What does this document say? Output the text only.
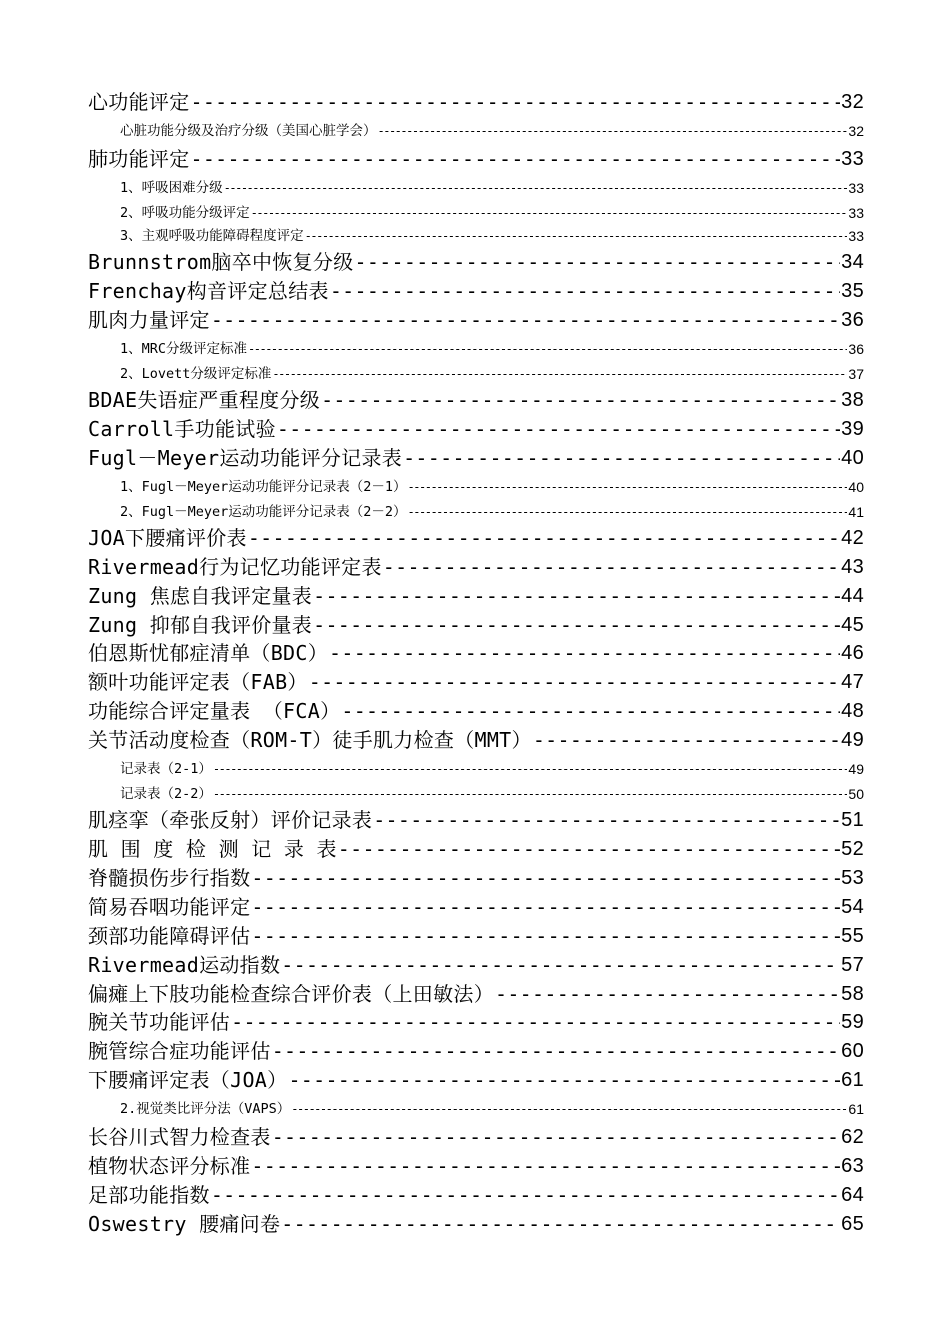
心功能评定 -----	32
心脏功能分级及治疗分级（美国心脏学会） -----	32
肺功能评定 -----	33
1、呼吸困难分级 -----	33
2、呼吸功能分级评定 -----	33
3、主观呼吸功能障碍程度评定 -----	33
Brunnstrom脑卒中恢复分级 -----	34
Frenchay构音评定总结表 -----	35
肌肉力量评定 -----	36
1、MRC分级评定标准 -----	36
2、Lovett分级评定标准 -----	37
BDAE失语症严重程度分级 -----	38
Carroll手功能试验 -----	39
Fugl－Meyer运动功能评分记录表 -----	40
1、Fugl－Meyer运动功能评分记录表（2－1） -----	40
2、Fugl－Meyer运动功能评分记录表（2－2） -----	41
JOA下腰痛评价表 -----	42
Rivermead行为记忆功能评定表 -----	43
Zung 焦虑自我评定量表 -----	44
Zung 抑郁自我评价量表 -----	45
伯恩斯忧郁症清单（BDC） -----	46
额叶功能评定表（FAB） -----	47
功能综合评定量表 （FCA） -----	48
关节活动度检查（ROM-T）徒手肌力检查（MMT） -----	49
记录表（2-1） -----	49
记录表（2-2） -----	50
肌痉挛（牵张反射）评价记录表 -----	51
肌 围 度 检 测 记 录 表 -----	52
脊髓损伤步行指数 -----	53
简易吞咽功能评定 -----	54
颈部功能障碍评估 -----	55
Rivermead运动指数 -----	57
偏瘫上下肢功能检查综合评价表（上田敏法） -----	58
腕关节功能评估 -----	59
腕管综合症功能评估 -----	60
下腰痛评定表（JOA） -----	61
2.视觉类比评分法（VAPS） -----	61
长谷川式智力检查表 -----	62
植物状态评分标准 -----	63
足部功能指数 -----	64
Oswestry 腰痛问卷 -----	65
